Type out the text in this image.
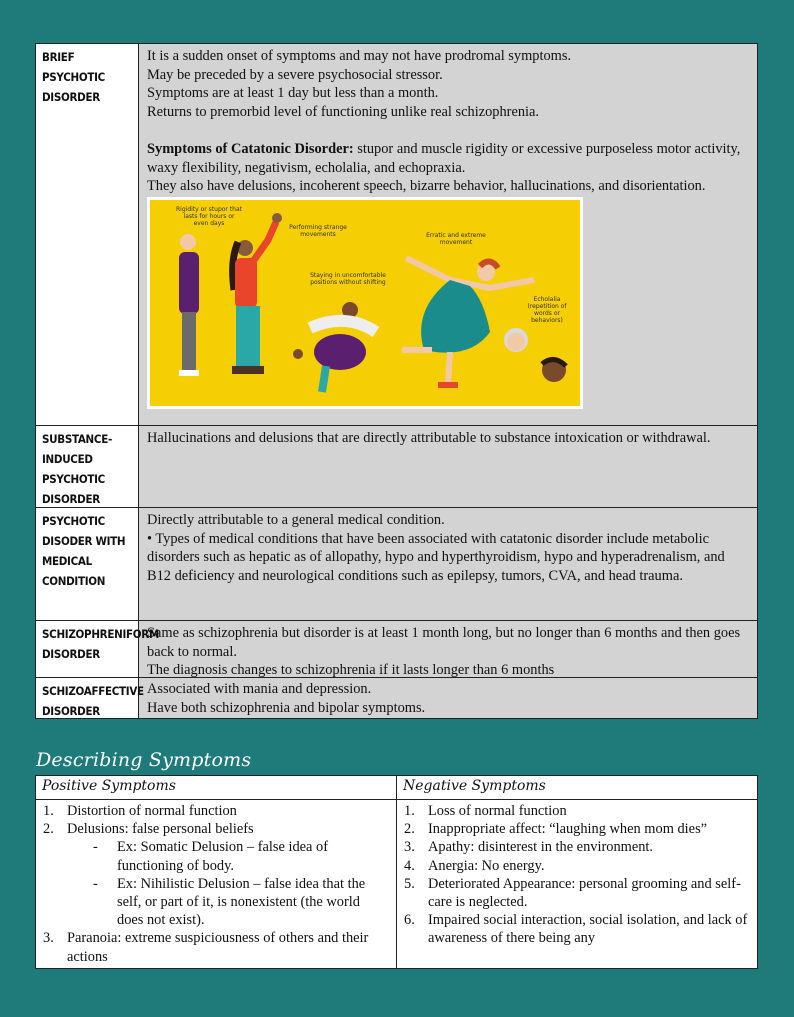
BRIEF PSYCHOTIC DISORDER

It is a sudden onset of symptoms and may not have prodromal symptoms.

May be preceded by a severe psychosocial stressor.

Symptoms are at least 1 day but less than a month.

Returns to premorbid level of functioning unlike real schizophrenia.

Symptoms of Catatonic Disorder: stupor and muscle rigidity or excessive purposeless motor activity, waxy flexibility, negativism, echolalia, and echopraxia.

They also have delusions, incoherent speech, bizarre behavior, hallucinations, and disorientation.

Rigidity or stupor that lasts for hours or even days
Performing strange movements
Staying in uncomfortable positions without shifting
Erratic and extreme movement
Echolalia (repetition of words or behaviors)
SUBSTANCE-INDUCED PSYCHOTIC DISORDER

Hallucinations and delusions that are directly attributable to substance intoxication or withdrawal.

PSYCHOTIC DISODER WITH MEDICAL CONDITION

Directly attributable to a general medical condition.

• Types of medical conditions that have been associated with catatonic disorder include metabolic disorders such as hepatic as of allopathy, hypo and hyperthyroidism, hypo and hyperadrenalism, and B12 deficiency and neurological conditions such as epilepsy, tumors, CVA, and head trauma.

SCHIZOPHRENIFORM DISORDER

Same as schizophrenia but disorder is at least 1 month long, but no longer than 6 months and then goes back to normal.

The diagnosis changes to schizophrenia if it lasts longer than 6 months

SCHIZOAFFECTIVE DISORDER

Associated with mania and depression.

Have both schizophrenia and bipolar symptoms.

Describing Symptoms
Positive Symptoms
1. Distortion of normal function
2. Delusions: false personal beliefs
-	Ex: Somatic Delusion – false idea of functioning of body.
-	Ex: Nihilistic Delusion – false idea that the self, or part of it, is nonexistent (the world does not exist).
3. Paranoia: extreme suspiciousness of others and their actions
Negative Symptoms
1. Loss of normal function
2. Inappropriate affect: “laughing when mom dies”
3. Apathy: disinterest in the environment.
4. Anergia: No energy.
5. Deteriorated Appearance: personal grooming and self-care is neglected.
6. Impaired social interaction, social isolation, and lack of awareness of there being any
